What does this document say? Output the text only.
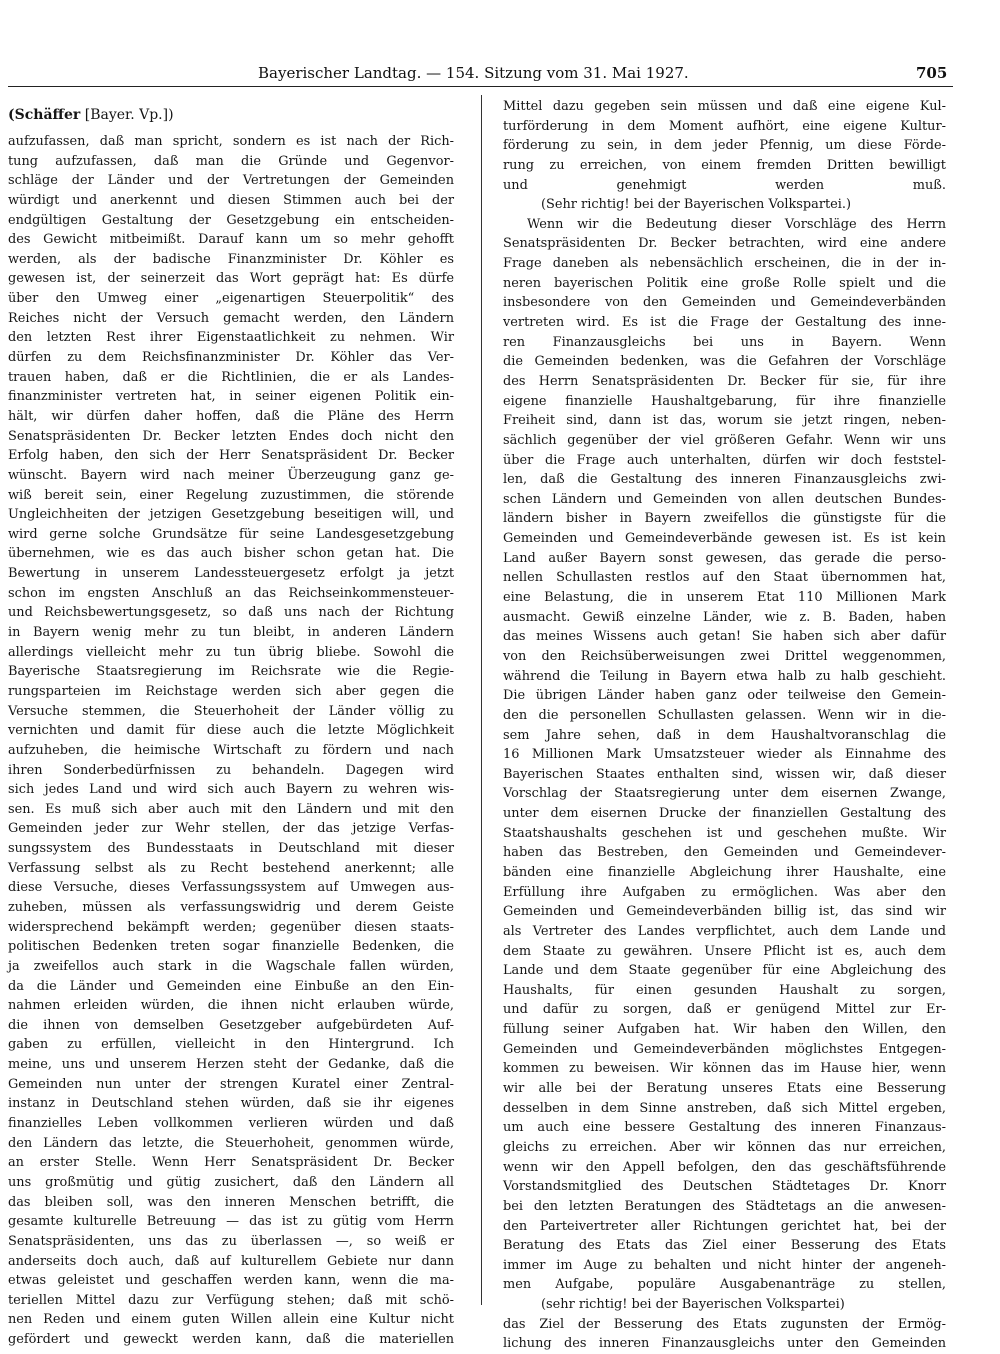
Bayerischer Landtag. — 154. Sitzung vom 31. Mai 1927.	705
(Schäffer [Bayer. Vp.])
aufzufassen, daß man spricht, sondern es ist nach der Rich-
tung aufzufassen, daß man die Gründe und Gegenvor-
schläge der Länder und der Vertretungen der Gemeinden
würdigt und anerkennt und diesen Stimmen auch bei der
endgültigen Gestaltung der Gesetzgebung ein entscheiden-
des Gewicht mitbeimißt. Darauf kann um so mehr gehofft
werden, als der badische Finanzminister Dr. Köhler es
gewesen ist, der seinerzeit das Wort geprägt hat: Es dürfe
über den Umweg einer „eigenartigen Steuerpolitik“ des
Reiches nicht der Versuch gemacht werden, den Ländern
den letzten Rest ihrer Eigenstaatlichkeit zu nehmen. Wir
dürfen zu dem Reichsfinanzminister Dr. Köhler das Ver-
trauen haben, daß er die Richtlinien, die er als Landes-
finanzminister vertreten hat, in seiner eigenen Politik ein-
hält, wir dürfen daher hoffen, daß die Pläne des Herrn
Senatspräsidenten Dr. Becker letzten Endes doch nicht den
Erfolg haben, den sich der Herr Senatspräsident Dr. Becker
wünscht. Bayern wird nach meiner Überzeugung ganz ge-
wiß bereit sein, einer Regelung zuzustimmen, die störende
Ungleichheiten der jetzigen Gesetzgebung beseitigen will, und
wird gerne solche Grundsätze für seine Landesgesetzgebung
übernehmen, wie es das auch bisher schon getan hat. Die
Bewertung in unserem Landessteuergesetz erfolgt ja jetzt
schon im engsten Anschluß an das Reichseinkommensteuer-
und Reichsbewertungsgesetz, so daß uns nach der Richtung
in Bayern wenig mehr zu tun bleibt, in anderen Ländern
allerdings vielleicht mehr zu tun übrig bliebe. Sowohl die
Bayerische Staatsregierung im Reichsrate wie die Regie-
rungsparteien im Reichstage werden sich aber gegen die
Versuche stemmen, die Steuerhoheit der Länder völlig zu
vernichten und damit für diese auch die letzte Möglichkeit
aufzuheben, die heimische Wirtschaft zu fördern und nach
ihren Sonderbedürfnissen zu behandeln. Dagegen wird
sich jedes Land und wird sich auch Bayern zu wehren wis-
sen. Es muß sich aber auch mit den Ländern und mit den
Gemeinden jeder zur Wehr stellen, der das jetzige Verfas-
sungssystem des Bundesstaats in Deutschland mit dieser
Verfassung selbst als zu Recht bestehend anerkennt; alle
diese Versuche, dieses Verfassungssystem auf Umwegen aus-
zuheben, müssen als verfassungswidrig und derem Geiste
widersprechend bekämpft werden; gegenüber diesen staats-
politischen Bedenken treten sogar finanzielle Bedenken, die
ja zweifellos auch stark in die Wagschale fallen würden,
da die Länder und Gemeinden eine Einbuße an den Ein-
nahmen erleiden würden, die ihnen nicht erlauben würde,
die ihnen von demselben Gesetzgeber aufgebürdeten Auf-
gaben zu erfüllen, vielleicht in den Hintergrund. Ich
meine, uns und unserem Herzen steht der Gedanke, daß die
Gemeinden nun unter der strengen Kuratel einer Zentral-
instanz in Deutschland stehen würden, daß sie ihr eigenes
finanzielles Leben vollkommen verlieren würden und daß
den Ländern das letzte, die Steuerhoheit, genommen würde,
an erster Stelle. Wenn Herr Senatspräsident Dr. Becker
uns großmütig und gütig zusichert, daß den Ländern all
das bleiben soll, was den inneren Menschen betrifft, die
gesamte kulturelle Betreuung — das ist zu gütig vom Herrn
Senatspräsidenten, uns das zu überlassen —, so weiß er
anderseits doch auch, daß auf kulturellem Gebiete nur dann
etwas geleistet und geschaffen werden kann, wenn die ma-
teriellen Mittel dazu zur Verfügung stehen; daß mit schö-
nen Reden und einem guten Willen allein eine Kultur nicht
gefördert und geweckt werden kann, daß die materiellen
Mittel dazu gegeben sein müssen und daß eine eigene Kul-
turförderung in dem Moment aufhört, eine eigene Kultur-
förderung zu sein, in dem jeder Pfennig, um diese Förde-
rung zu erreichen, von einem fremden Dritten bewilligt
und genehmigt werden muß.
(Sehr richtig! bei der Bayerischen Volkspartei.)
Wenn wir die Bedeutung dieser Vorschläge des Herrn
Senatspräsidenten Dr. Becker betrachten, wird eine andere
Frage daneben als nebensächlich erscheinen, die in der in-
neren bayerischen Politik eine große Rolle spielt und die
insbesondere von den Gemeinden und Gemeindeverbänden
vertreten wird. Es ist die Frage der Gestaltung des inne-
ren Finanzausgleichs bei uns in Bayern. Wenn
die Gemeinden bedenken, was die Gefahren der Vorschläge
des Herrn Senatspräsidenten Dr. Becker für sie, für ihre
eigene finanzielle Haushaltgebarung, für ihre finanzielle
Freiheit sind, dann ist das, worum sie jetzt ringen, neben-
sächlich gegenüber der viel größeren Gefahr. Wenn wir uns
über die Frage auch unterhalten, dürfen wir doch feststel-
len, daß die Gestaltung des inneren Finanzausgleichs zwi-
schen Ländern und Gemeinden von allen deutschen Bundes-
ländern bisher in Bayern zweifellos die günstigste für die
Gemeinden und Gemeindeverbände gewesen ist. Es ist kein
Land außer Bayern sonst gewesen, das gerade die perso-
nellen Schullasten restlos auf den Staat übernommen hat,
eine Belastung, die in unserem Etat 110 Millionen Mark
ausmacht. Gewiß einzelne Länder, wie z. B. Baden, haben
das meines Wissens auch getan! Sie haben sich aber dafür
von den Reichsüberweisungen zwei Drittel weggenommen,
während die Teilung in Bayern etwa halb zu halb geschieht.
Die übrigen Länder haben ganz oder teilweise den Gemein-
den die personellen Schullasten gelassen. Wenn wir in die-
sem Jahre sehen, daß in dem Haushaltvoranschlag die
16 Millionen Mark Umsatzsteuer wieder als Einnahme des
Bayerischen Staates enthalten sind, wissen wir, daß dieser
Vorschlag der Staatsregierung unter dem eisernen Zwange,
unter dem eisernen Drucke der finanziellen Gestaltung des
Staatshaushalts geschehen ist und geschehen mußte. Wir
haben das Bestreben, den Gemeinden und Gemeindever-
bänden eine finanzielle Abgleichung ihrer Haushalte, eine
Erfüllung ihre Aufgaben zu ermöglichen. Was aber den
Gemeinden und Gemeindeverbänden billig ist, das sind wir
als Vertreter des Landes verpflichtet, auch dem Lande und
dem Staate zu gewähren. Unsere Pflicht ist es, auch dem
Lande und dem Staate gegenüber für eine Abgleichung des
Haushalts, für einen gesunden Haushalt zu sorgen,
und dafür zu sorgen, daß er genügend Mittel zur Er-
füllung seiner Aufgaben hat. Wir haben den Willen, den
Gemeinden und Gemeindeverbänden möglichstes Entgegen-
kommen zu beweisen. Wir können das im Hause hier, wenn
wir alle bei der Beratung unseres Etats eine Besserung
desselben in dem Sinne anstreben, daß sich Mittel ergeben,
um auch eine bessere Gestaltung des inneren Finanzaus-
gleichs zu erreichen. Aber wir können das nur erreichen,
wenn wir den Appell befolgen, den das geschäftsführende
Vorstandsmitglied des Deutschen Städtetages Dr. Knorr
bei den letzten Beratungen des Städtetags an die anwesen-
den Parteivertreter aller Richtungen gerichtet hat, bei der
Beratung des Etats das Ziel einer Besserung des Etats
immer im Auge zu behalten und nicht hinter der angeneh-
men Aufgabe, populäre Ausgabenanträge zu stellen,
(sehr richtig! bei der Bayerischen Volkspartei)
das Ziel der Besserung des Etats zugunsten der Ermög-
lichung des inneren Finanzausgleichs unter den Gemeinden
